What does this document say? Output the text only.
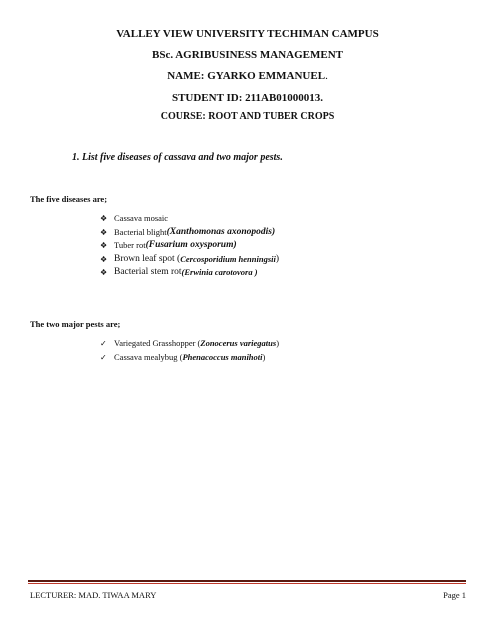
VALLEY VIEW UNIVERSITY TECHIMAN CAMPUS
BSc. AGRIBUSINESS MANAGEMENT
NAME: GYARKO EMMANUEL.
STUDENT ID: 211AB01000013.
COURSE: ROOT AND TUBER CROPS
1. List five diseases of cassava and two major pests.
The five diseases are;
❖ Cassava mosaic
❖ Bacterial blight (Xanthomonas axonopodis)
❖ Tuber rot (Fusarium oxysporum)
❖ Brown leaf spot ( Cercosporidium henningsii )
❖ Bacterial stem rot (Erwinia carotovora )
The two major pests are;
✓ Variegated Grasshopper ( Zonocerus variegatus )
✓ Cassava mealybug ( Phenacoccus manihoti )
LECTURER: MAD. TIWAA MARY	Page 1
